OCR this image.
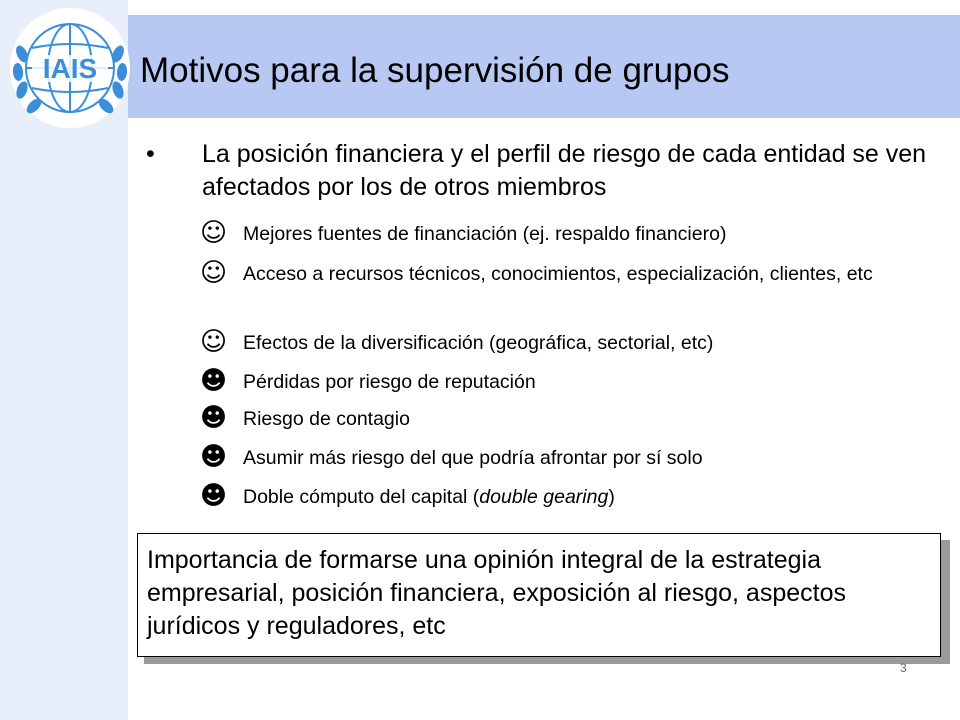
IAIS Motivos para la supervisión de grupos
• La posición financiera y el perfil de riesgo de cada entidad se ven afectados por los de otros miembros
☺ Mejores fuentes de financiación (ej. respaldo financiero)
☺ Acceso a recursos técnicos, conocimientos, especialización, clientes, etc
☺ Efectos de la diversificación (geográfica, sectorial, etc)
☻ Pérdidas por riesgo de reputación
☻ Riesgo de contagio
☻ Asumir más riesgo del que podría afrontar por sí solo
☻ Doble cómputo del capital (double gearing)
Importancia de formarse una opinión integral de la estrategia empresarial, posición financiera, exposición al riesgo, aspectos jurídicos y reguladores, etc
3
